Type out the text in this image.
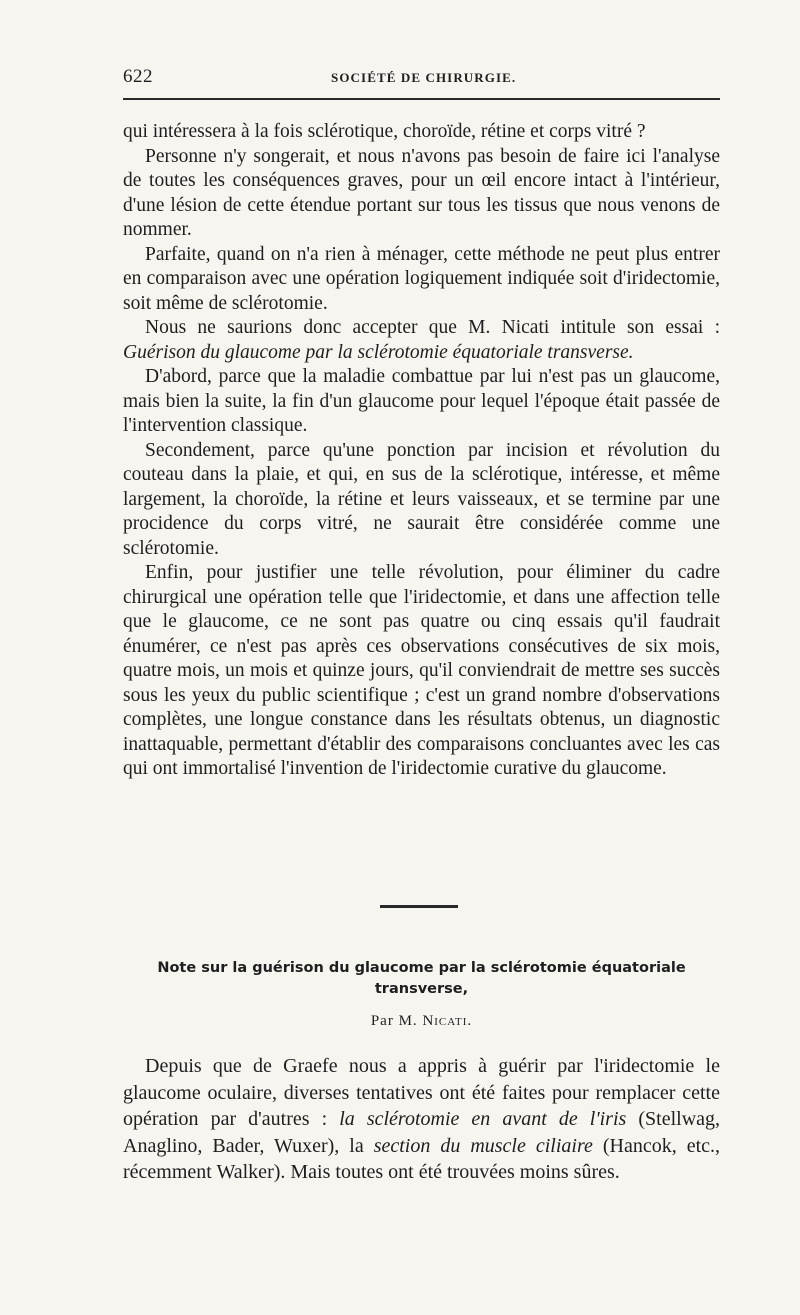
622	SOCIÉTÉ DE CHIRURGIE.

qui intéressera à la fois sclérotique, choroïde, rétine et corps vitré ?

Personne n'y songerait, et nous n'avons pas besoin de faire ici l'analyse de toutes les conséquences graves, pour un œil encore intact à l'intérieur, d'une lésion de cette étendue portant sur tous les tissus que nous venons de nommer.

Parfaite, quand on n'a rien à ménager, cette méthode ne peut plus entrer en comparaison avec une opération logiquement indiquée soit d'iridectomie, soit même de sclérotomie.

Nous ne saurions donc accepter que M. Nicati intitule son essai : Guérison du glaucome par la sclérotomie équatoriale transverse.

D'abord, parce que la maladie combattue par lui n'est pas un glaucome, mais bien la suite, la fin d'un glaucome pour lequel l'époque était passée de l'intervention classique.

Secondement, parce qu'une ponction par incision et révolution du couteau dans la plaie, et qui, en sus de la sclérotique, intéresse, et même largement, la choroïde, la rétine et leurs vaisseaux, et se termine par une procidence du corps vitré, ne saurait être considérée comme une sclérotomie.

Enfin, pour justifier une telle révolution, pour éliminer du cadre chirurgical une opération telle que l'iridectomie, et dans une affection telle que le glaucome, ce ne sont pas quatre ou cinq essais qu'il faudrait énumérer, ce n'est pas après ces observations consécutives de six mois, quatre mois, un mois et quinze jours, qu'il conviendrait de mettre ses succès sous les yeux du public scientifique ; c'est un grand nombre d'observations complètes, une longue constance dans les résultats obtenus, un diagnostic inattaquable, permettant d'établir des comparaisons concluantes avec les cas qui ont immortalisé l'invention de l'iridectomie curative du glaucome.

Note sur la guérison du glaucome par la sclérotomie équatoriale transverse,
Par M. Nicati.

Depuis que de Graefe nous a appris à guérir par l'iridectomie le glaucome oculaire, diverses tentatives ont été faites pour remplacer cette opération par d'autres : la sclérotomie en avant de l'iris (Stellwag, Anaglino, Bader, Wuxer), la section du muscle ciliaire (Hancok, etc., récemment Walker). Mais toutes ont été trouvées moins sûres.
